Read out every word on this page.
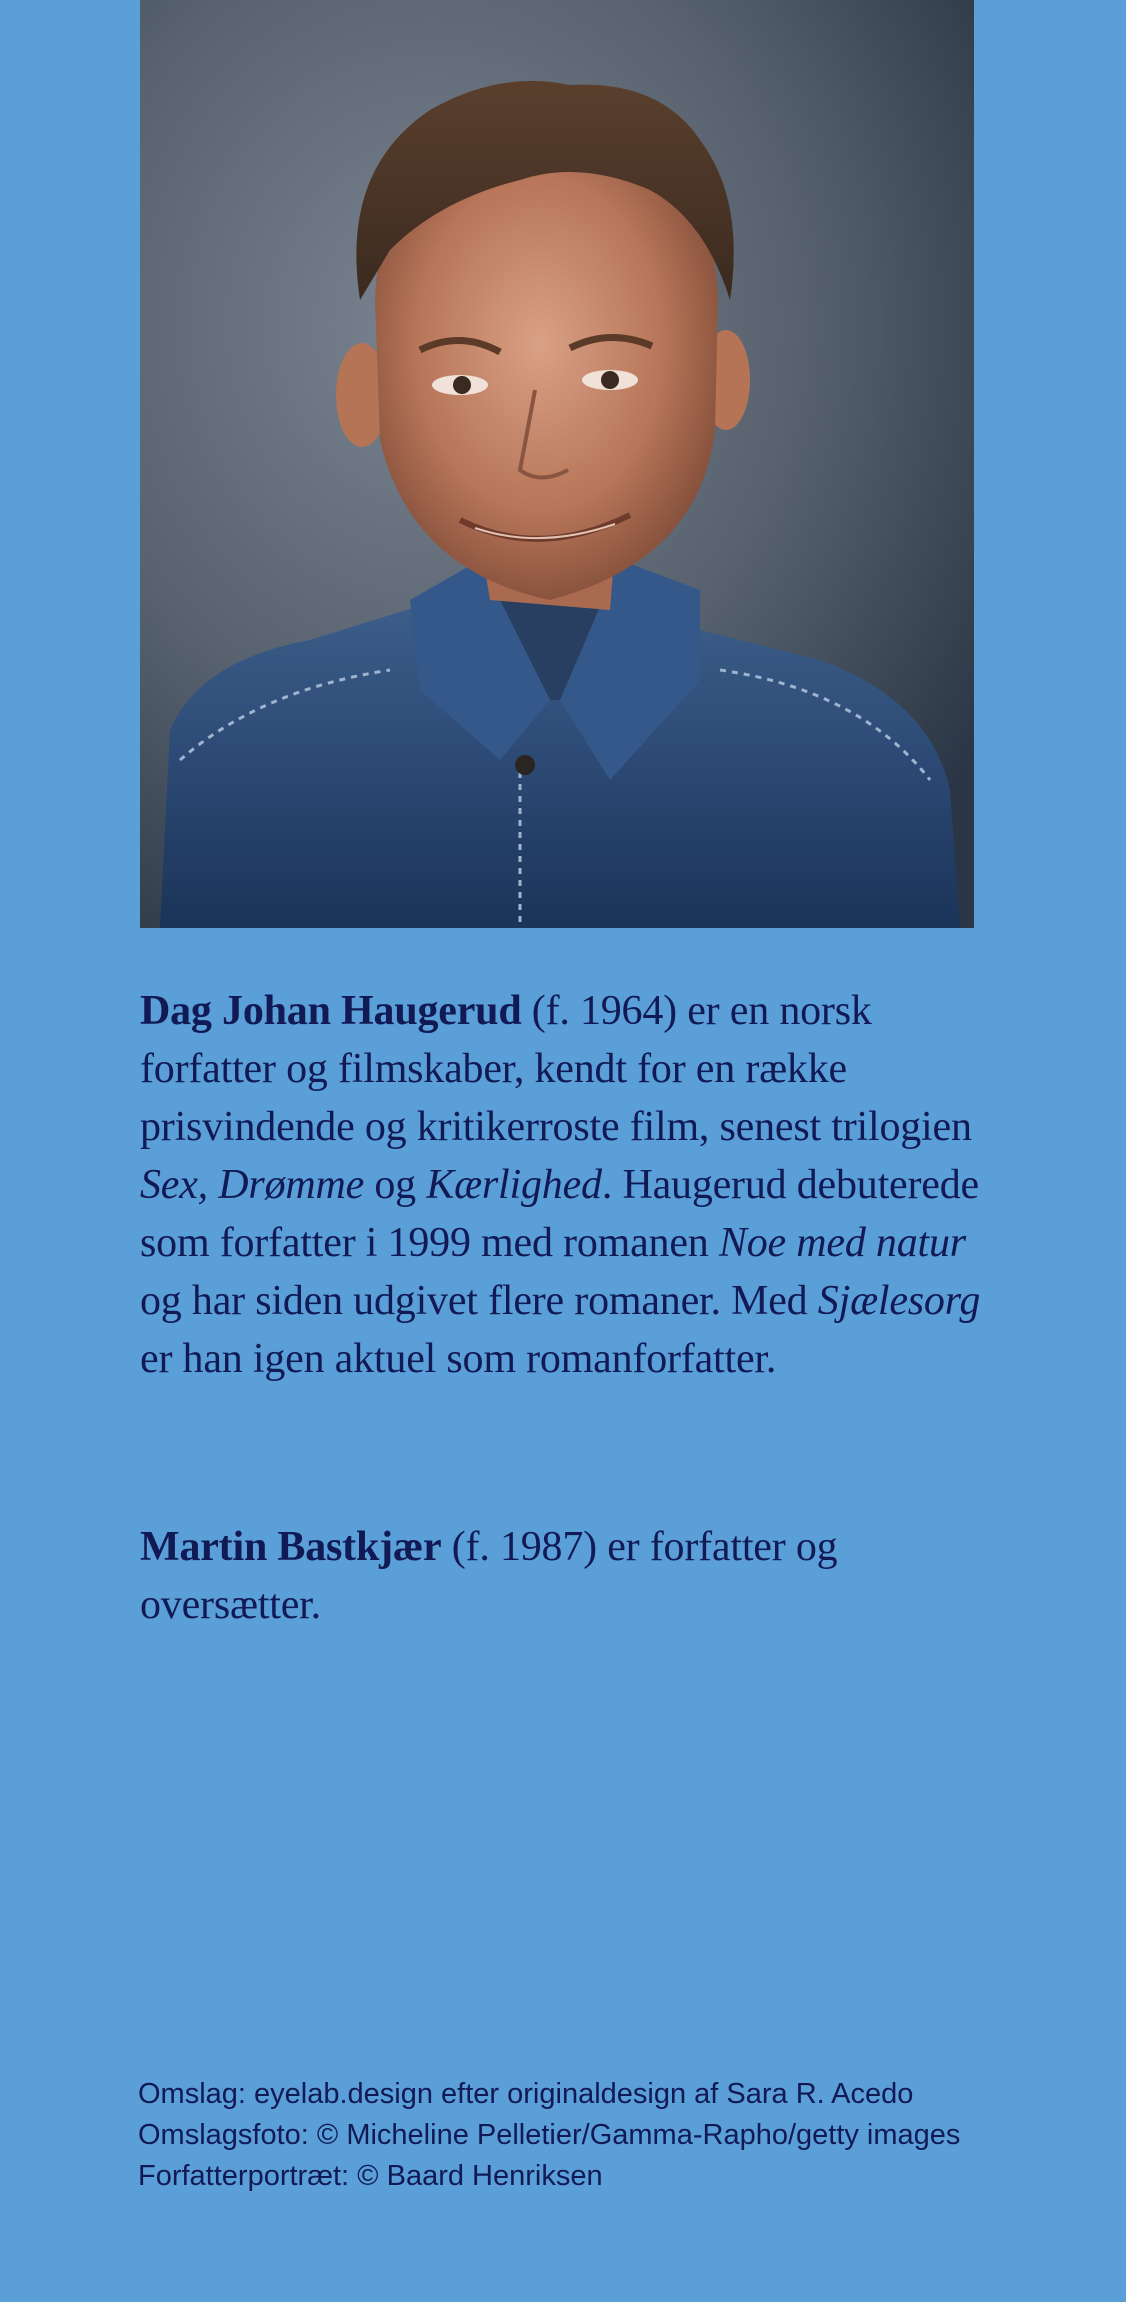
Dag Johan Haugerud (f. 1964) er en norsk forfatter og filmskaber, kendt for en række prisvindende og kritikerroste film, senest trilogien Sex, Drømme og Kærlighed. Haugerud debuterede som forfatter i 1999 med romanen Noe med natur og har siden udgivet flere romaner. Med Sjælesorg er han igen aktuel som romanforfatter.
Martin Bastkjær (f. 1987) er forfatter og oversætter.
Omslag: eyelab.design efter originaldesign af Sara R. Acedo
Omslagsfoto: © Micheline Pelletier/Gamma-Rapho/getty images
Forfatterportræt: © Baard Henriksen
